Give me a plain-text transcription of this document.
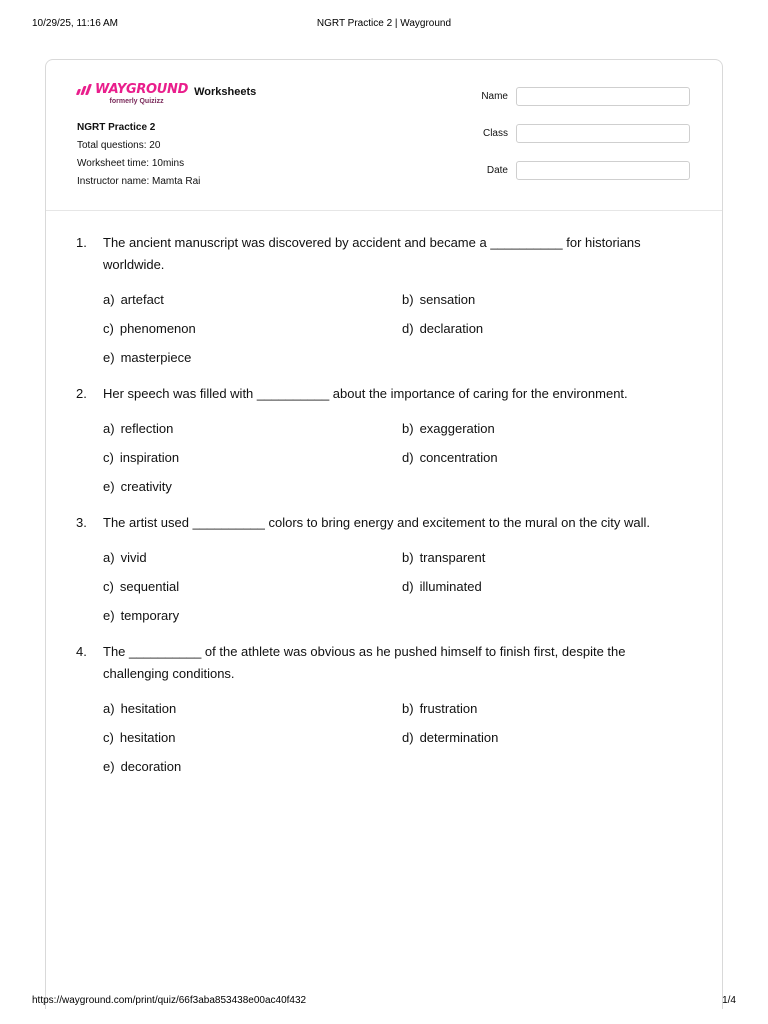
10/29/25, 11:16 AM	NGRT Practice 2 | Wayground
WAYGROUND
formerly Quizizz
Worksheets
NGRT Practice 2
Total questions: 20
Worksheet time: 10mins
Instructor name: Mamta Rai
Name
Class
Date
1.	The ancient manuscript was discovered by accident and became a __________ for historians worldwide.
a) artefact	b) sensation
c) phenomenon	d) declaration
e) masterpiece
2.	Her speech was filled with __________ about the importance of caring for the environment.
a) reflection	b) exaggeration
c) inspiration	d) concentration
e) creativity
3.	The artist used __________ colors to bring energy and excitement to the mural on the city wall.
a) vivid	b) transparent
c) sequential	d) illuminated
e) temporary
4.	The __________ of the athlete was obvious as he pushed himself to finish first, despite the challenging conditions.
a) hesitation	b) frustration
c) hesitation	d) determination
e) decoration
https://wayground.com/print/quiz/66f3aba853438e00ac40f432	1/4
